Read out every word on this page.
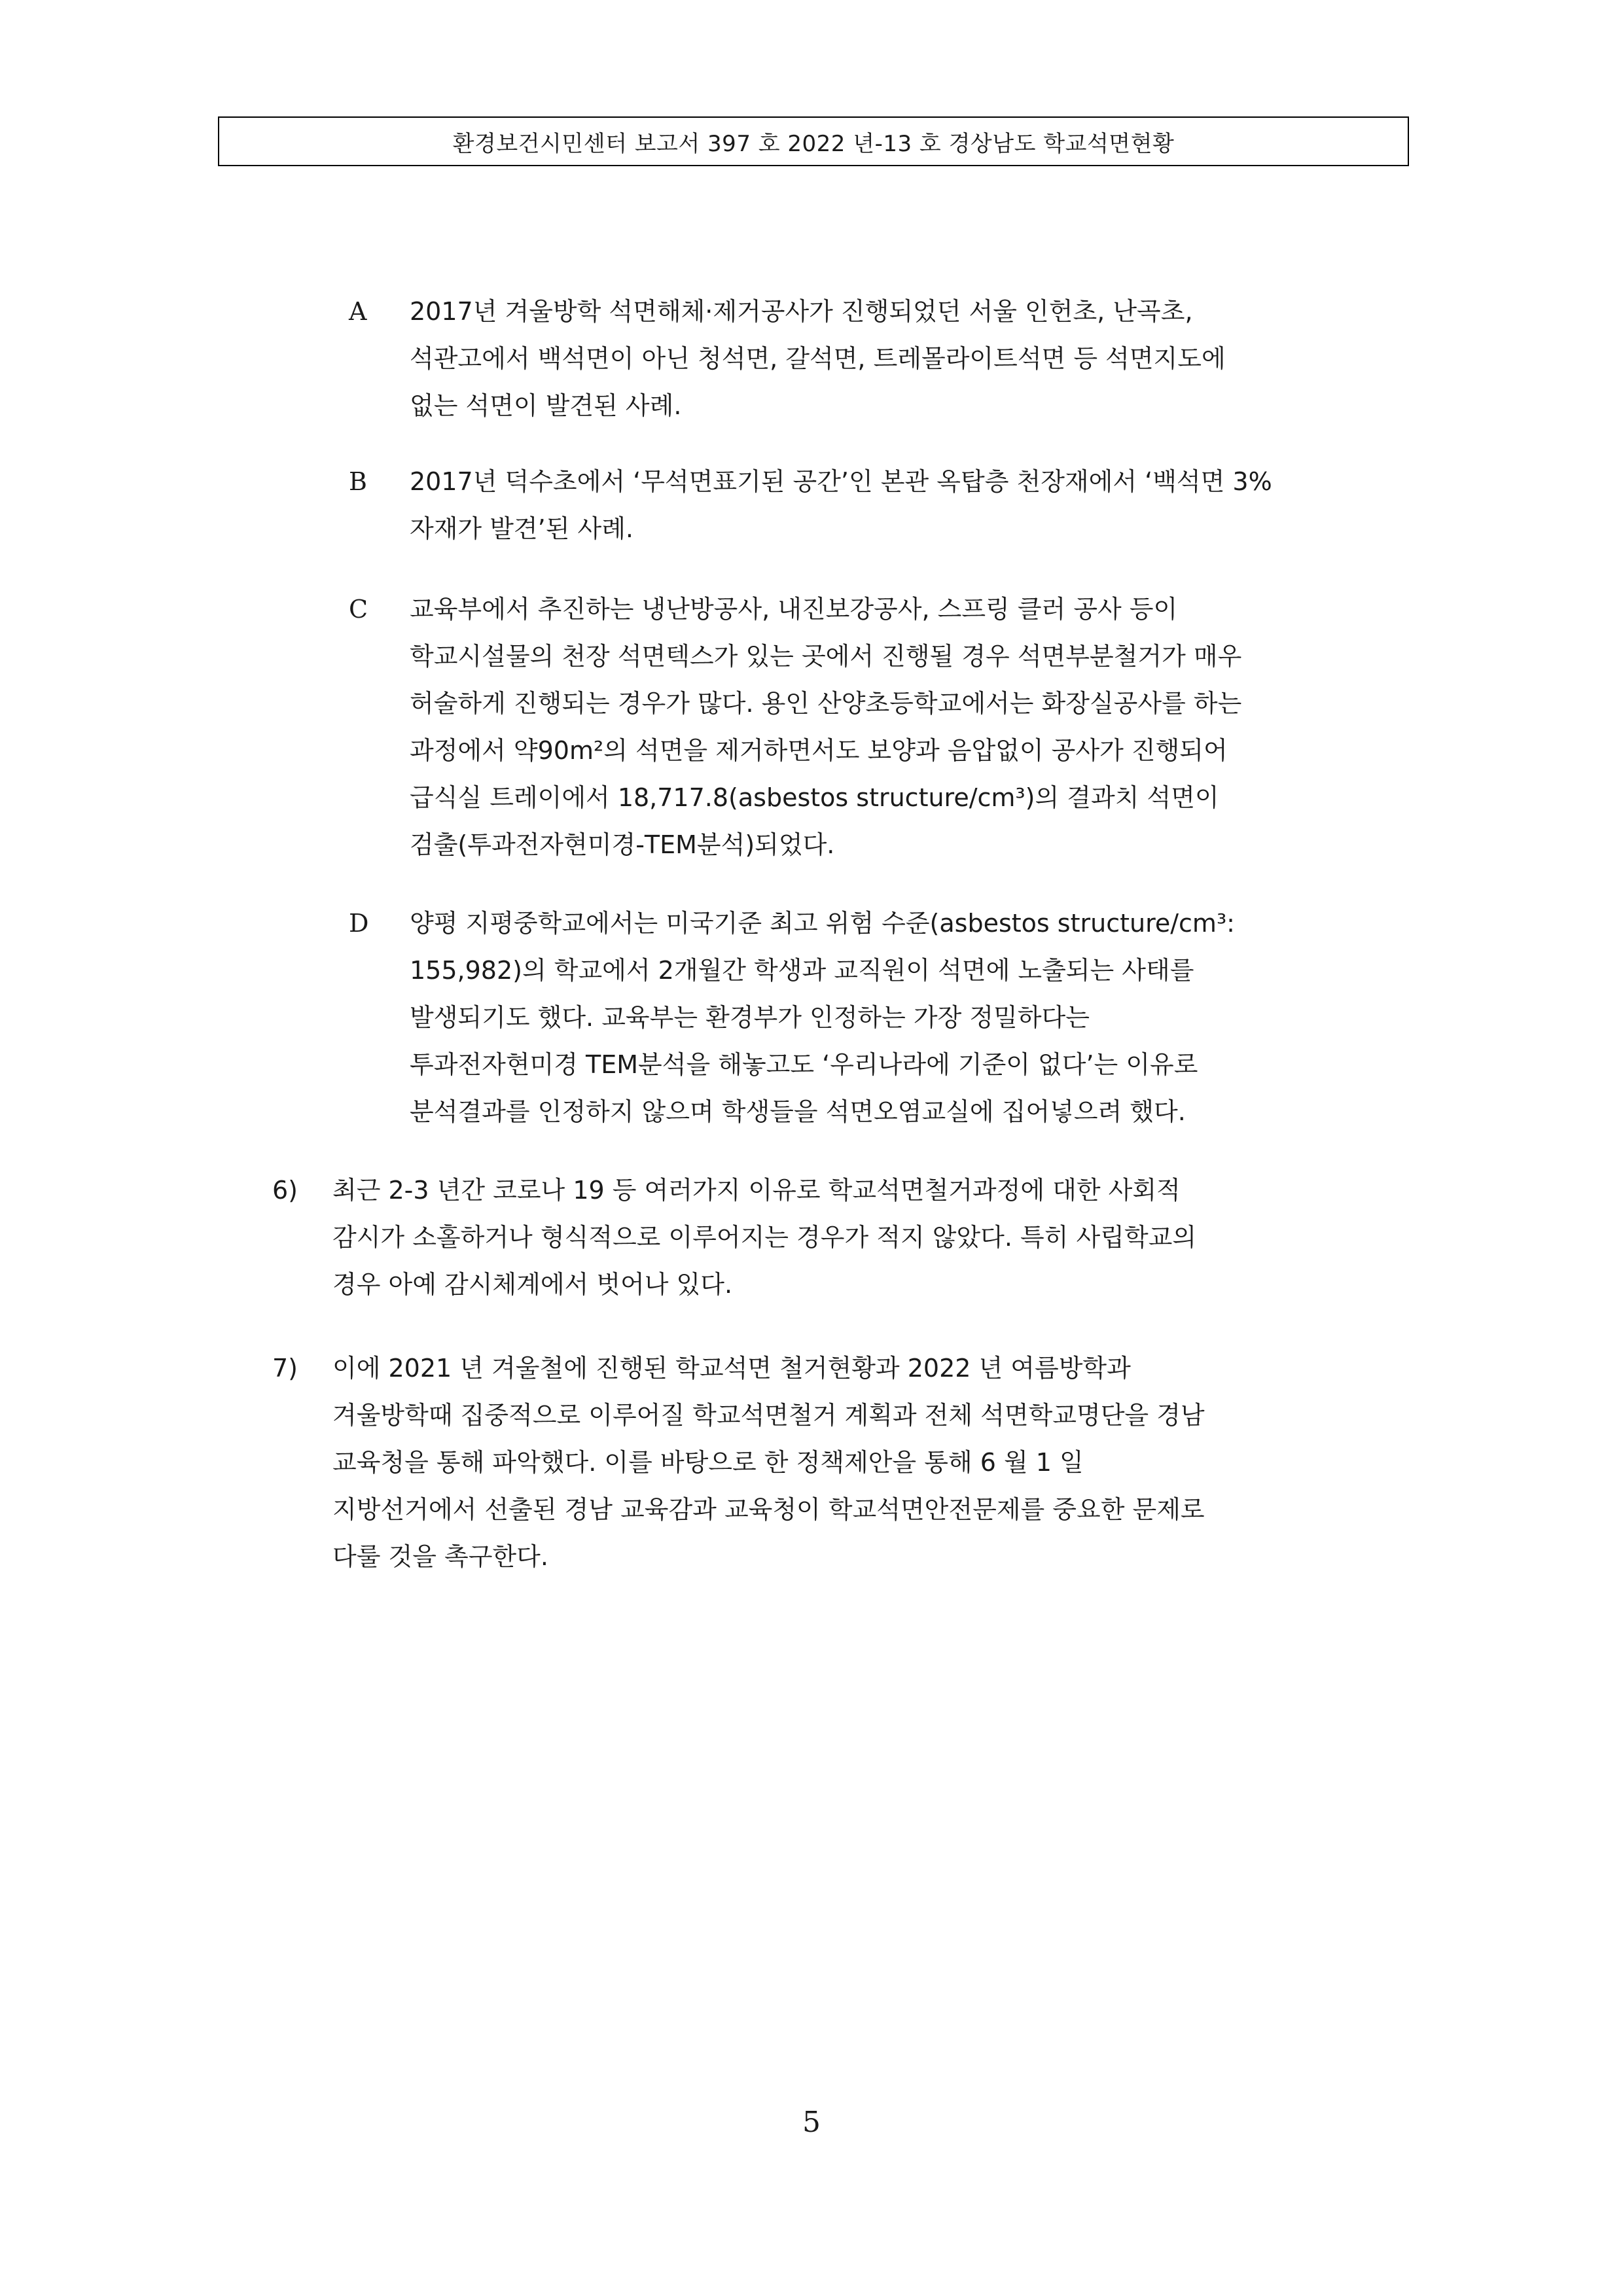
환경보건시민센터 보고서 397 호 2022 년-13 호 경상남도 학교석면현황
A 2017년 겨울방학 석면해체·제거공사가 진행되었던 서울 인헌초, 난곡초,
석관고에서 백석면이 아닌 청석면, 갈석면, 트레몰라이트석면 등 석면지도에
없는 석면이 발견된 사례.
B 2017년 덕수초에서 ‘무석면표기된 공간’인 본관 옥탑층 천장재에서 ‘백석면 3%
자재가 발견’된 사례.
C 교육부에서 추진하는 냉난방공사, 내진보강공사, 스프링 클러 공사 등이
학교시설물의 천장 석면텍스가 있는 곳에서 진행될 경우 석면부분철거가 매우
허술하게 진행되는 경우가 많다. 용인 산양초등학교에서는 화장실공사를 하는
과정에서 약90m²의 석면을 제거하면서도 보양과 음압없이 공사가 진행되어
급식실 트레이에서 18,717.8(asbestos structure/cm³)의 결과치 석면이
검출(투과전자현미경-TEM분석)되었다.
D 양평 지평중학교에서는 미국기준 최고 위험 수준(asbestos structure/cm³:
155,982)의 학교에서 2개월간 학생과 교직원이 석면에 노출되는 사태를
발생되기도 했다. 교육부는 환경부가 인정하는 가장 정밀하다는
투과전자현미경 TEM분석을 해놓고도 ‘우리나라에 기준이 없다’는 이유로
분석결과를 인정하지 않으며 학생들을 석면오염교실에 집어넣으려 했다.
6) 최근 2-3 년간 코로나 19 등 여러가지 이유로 학교석면철거과정에 대한 사회적
감시가 소홀하거나 형식적으로 이루어지는 경우가 적지 않았다. 특히 사립학교의
경우 아예 감시체계에서 벗어나 있다.
7) 이에 2021 년 겨울철에 진행된 학교석면 철거현황과 2022 년 여름방학과
겨울방학때 집중적으로 이루어질 학교석면철거 계획과 전체 석면학교명단을 경남
교육청을 통해 파악했다. 이를 바탕으로 한 정책제안을 통해 6 월 1 일
지방선거에서 선출된 경남 교육감과 교육청이 학교석면안전문제를 중요한 문제로
다룰 것을 촉구한다.
5
